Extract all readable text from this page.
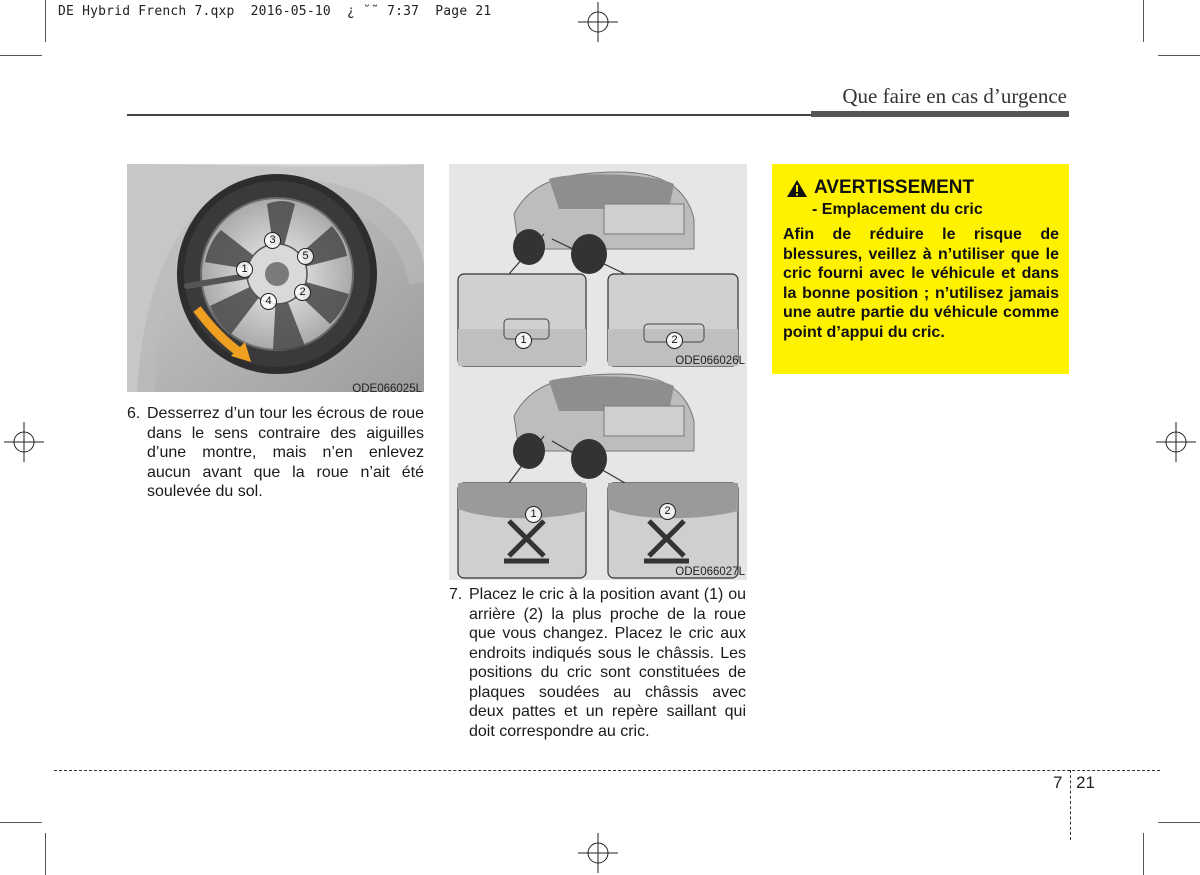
DE Hybrid French 7.qxp  2016-05-10  ¿ ˘˜ 7:37  Page 21
Que faire en cas d’urgence
1
2
3
4
5
ODE066025L
6. Desserrez d’un tour les écrous de roue dans le sens contraire des aiguilles d’une montre, mais n’en enlevez aucun avant que la roue n’ait été soulevée du sol.
1	2
ODE066026L
1	2
ODE066027L
7. Placez le cric à la position avant (1) ou arrière (2) la plus proche de la roue que vous changez. Placez le cric aux endroits indiqués sous le châssis. Les positions du cric sont constituées de plaques soudées au châssis avec deux pattes et un repère saillant qui doit correspondre au cric.
AVERTISSEMENT
- Emplacement du cric
Afin de réduire le risque de blessures, veillez à n’utiliser que le cric fourni avec le véhicule et dans la bonne position ; n’utilisez jamais une autre partie du véhicule comme point d’appui du cric.
7 21
